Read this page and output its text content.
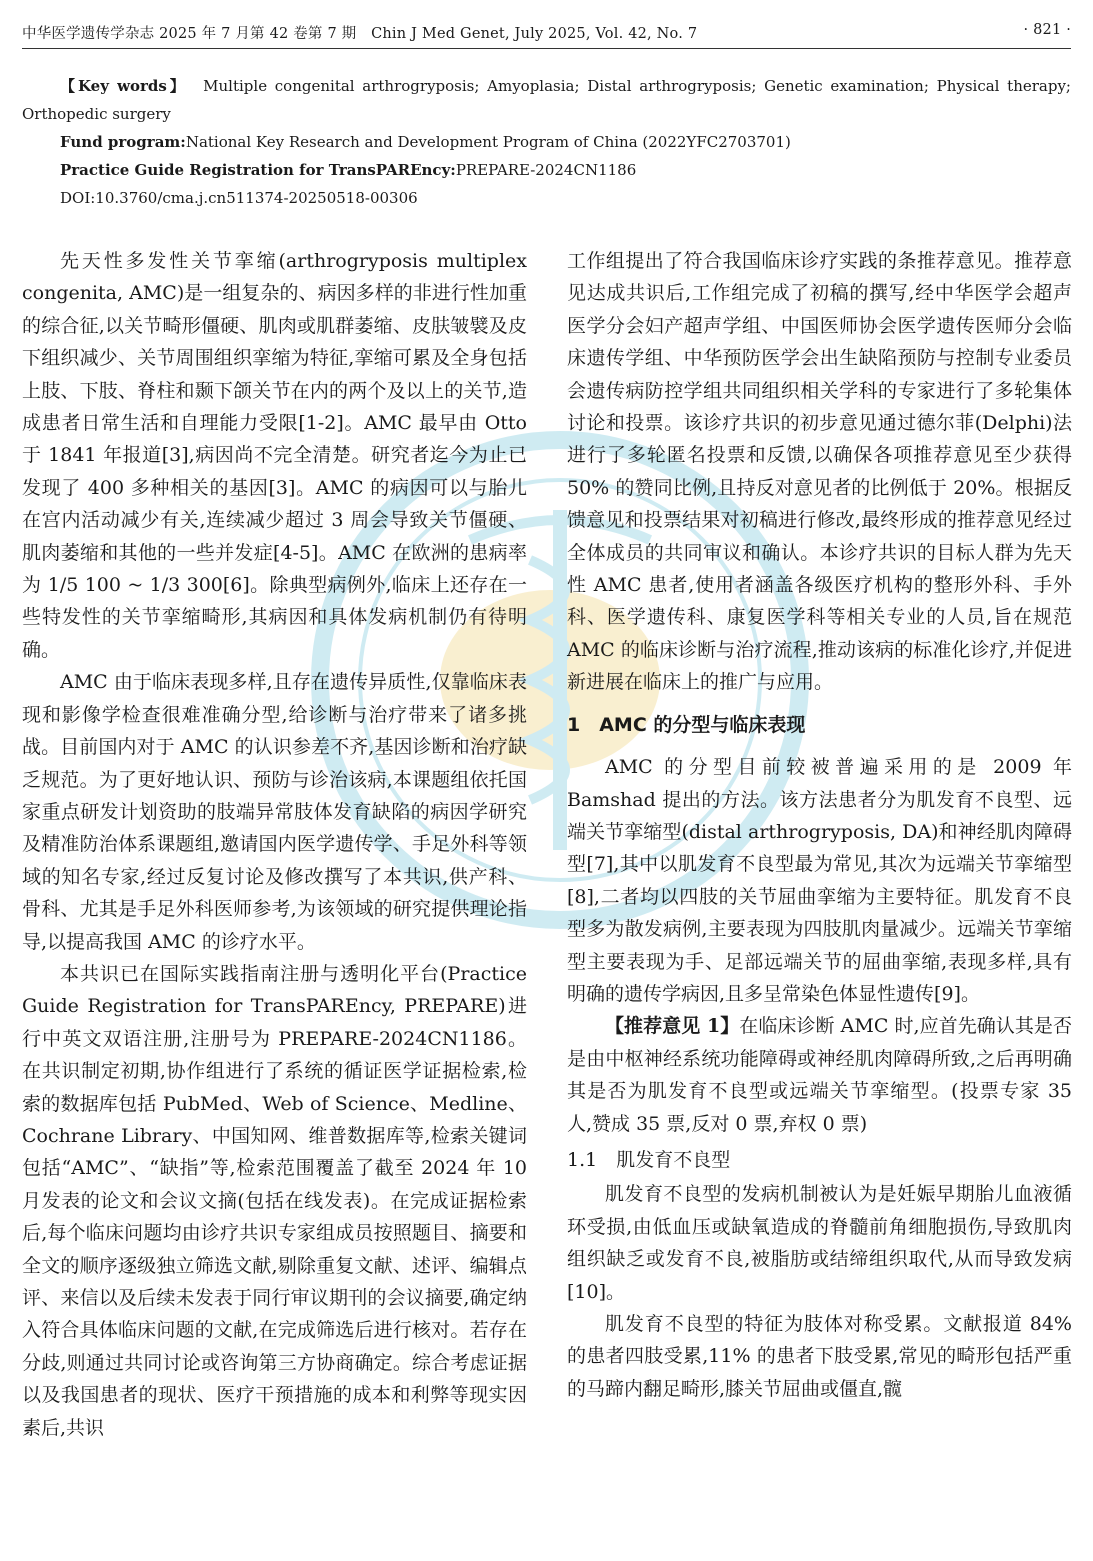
中华医学遗传学杂志 2025 年 7 月第 42 卷第 7 期　Chin J Med Genet, July 2025, Vol. 42, No. 7	· 821 ·
【Key words】 Multiple congenital arthrogryposis; Amyoplasia; Distal arthrogryposis; Genetic examination; Physical therapy; Orthopedic surgery
Fund program:National Key Research and Development Program of China (2022YFC2703701)
Practice Guide Registration for TransPAREncy:PREPARE-2024CN1186
DOI:10.3760/cma.j.cn511374-20250518-00306

先天性多发性关节挛缩(arthrogryposis multiplex congenita, AMC)是一组复杂的、病因多样的非进行性加重的综合征,以关节畸形僵硬、肌肉或肌群萎缩、皮肤皱襞及皮下组织减少、关节周围组织挛缩为特征,挛缩可累及全身包括上肢、下肢、脊柱和颞下颌关节在内的两个及以上的关节,造成患者日常生活和自理能力受限[1-2]。AMC 最早由 Otto 于 1841 年报道[3],病因尚不完全清楚。研究者迄今为止已发现了 400 多种相关的基因[3]。AMC 的病因可以与胎儿在宫内活动减少有关,连续减少超过 3 周会导致关节僵硬、肌肉萎缩和其他的一些并发症[4-5]。AMC 在欧洲的患病率为 1/5 100 ~ 1/3 300[6]。除典型病例外,临床上还存在一些特发性的关节挛缩畸形,其病因和具体发病机制仍有待明确。

AMC 由于临床表现多样,且存在遗传异质性,仅靠临床表现和影像学检查很难准确分型,给诊断与治疗带来了诸多挑战。目前国内对于 AMC 的认识参差不齐,基因诊断和治疗缺乏规范。为了更好地认识、预防与诊治该病,本课题组依托国家重点研发计划资助的肢端异常肢体发育缺陷的病因学研究及精准防治体系课题组,邀请国内医学遗传学、手足外科等领域的知名专家,经过反复讨论及修改撰写了本共识,供产科、骨科、尤其是手足外科医师参考,为该领域的研究提供理论指导,以提高我国 AMC 的诊疗水平。

本共识已在国际实践指南注册与透明化平台(Practice Guide Registration for TransPAREncy, PREPARE)进行中英文双语注册,注册号为 PREPARE-2024CN1186。在共识制定初期,协作组进行了系统的循证医学证据检索,检索的数据库包括 PubMed、Web of Science、Medline、Cochrane Library、中国知网、维普数据库等,检索关键词包括“AMC”、“缺指”等,检索范围覆盖了截至 2024 年 10 月发表的论文和会议文摘(包括在线发表)。在完成证据检索后,每个临床问题均由诊疗共识专家组成员按照题目、摘要和全文的顺序逐级独立筛选文献,剔除重复文献、述评、编辑点评、来信以及后续未发表于同行审议期刊的会议摘要,确定纳入符合具体临床问题的文献,在完成筛选后进行核对。若存在分歧,则通过共同讨论或咨询第三方协商确定。综合考虑证据以及我国患者的现状、医疗干预措施的成本和利弊等现实因素后,共识

工作组提出了符合我国临床诊疗实践的条推荐意见。推荐意见达成共识后,工作组完成了初稿的撰写,经中华医学会超声医学分会妇产超声学组、中国医师协会医学遗传医师分会临床遗传学组、中华预防医学会出生缺陷预防与控制专业委员会遗传病防控学组共同组织相关学科的专家进行了多轮集体讨论和投票。该诊疗共识的初步意见通过德尔菲(Delphi)法进行了多轮匿名投票和反馈,以确保各项推荐意见至少获得 50% 的赞同比例,且持反对意见者的比例低于 20%。根据反馈意见和投票结果对初稿进行修改,最终形成的推荐意见经过全体成员的共同审议和确认。本诊疗共识的目标人群为先天性 AMC 患者,使用者涵盖各级医疗机构的整形外科、手外科、医学遗传科、康复医学科等相关专业的人员,旨在规范 AMC 的临床诊断与治疗流程,推动该病的标准化诊疗,并促进新进展在临床上的推广与应用。

1　AMC 的分型与临床表现

AMC 的分型目前较被普遍采用的是 2009 年 Bamshad 提出的方法。该方法患者分为肌发育不良型、远端关节挛缩型(distal arthrogryposis, DA)和神经肌肉障碍型[7],其中以肌发育不良型最为常见,其次为远端关节挛缩型[8],二者均以四肢的关节屈曲挛缩为主要特征。肌发育不良型多为散发病例,主要表现为四肢肌肉量减少。远端关节挛缩型主要表现为手、足部远端关节的屈曲挛缩,表现多样,具有明确的遗传学病因,且多呈常染色体显性遗传[9]。

【推荐意见 1】在临床诊断 AMC 时,应首先确认其是否是由中枢神经系统功能障碍或神经肌肉障碍所致,之后再明确其是否为肌发育不良型或远端关节挛缩型。(投票专家 35 人,赞成 35 票,反对 0 票,弃权 0 票)

1.1　肌发育不良型

肌发育不良型的发病机制被认为是妊娠早期胎儿血液循环受损,由低血压或缺氧造成的脊髓前角细胞损伤,导致肌肉组织缺乏或发育不良,被脂肪或结缔组织取代,从而导致发病[10]。

肌发育不良型的特征为肢体对称受累。文献报道 84% 的患者四肢受累,11% 的患者下肢受累,常见的畸形包括严重的马蹄内翻足畸形,膝关节屈曲或僵直,髋
